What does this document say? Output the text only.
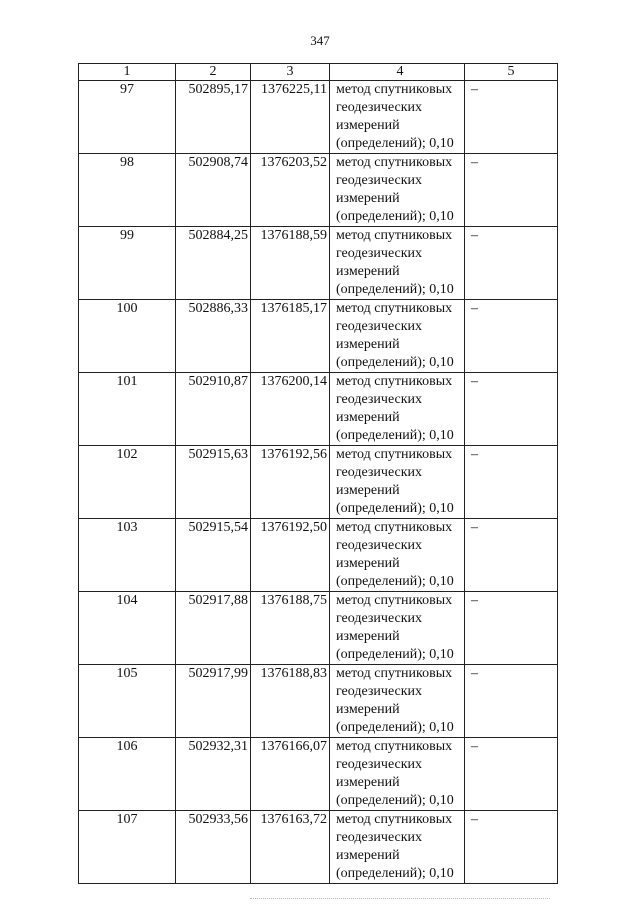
347
1	2	3	4	5
97	502895,17	1376225,11	метод спутниковых
геодезических
измерений
(определений); 0,10	–
98	502908,74	1376203,52	метод спутниковых
геодезических
измерений
(определений); 0,10	–
99	502884,25	1376188,59	метод спутниковых
геодезических
измерений
(определений); 0,10	–
100	502886,33	1376185,17	метод спутниковых
геодезических
измерений
(определений); 0,10	–
101	502910,87	1376200,14	метод спутниковых
геодезических
измерений
(определений); 0,10	–
102	502915,63	1376192,56	метод спутниковых
геодезических
измерений
(определений); 0,10	–
103	502915,54	1376192,50	метод спутниковых
геодезических
измерений
(определений); 0,10	–
104	502917,88	1376188,75	метод спутниковых
геодезических
измерений
(определений); 0,10	–
105	502917,99	1376188,83	метод спутниковых
геодезических
измерений
(определений); 0,10	–
106	502932,31	1376166,07	метод спутниковых
геодезических
измерений
(определений); 0,10	–
107	502933,56	1376163,72	метод спутниковых
геодезических
измерений
(определений); 0,10	–
